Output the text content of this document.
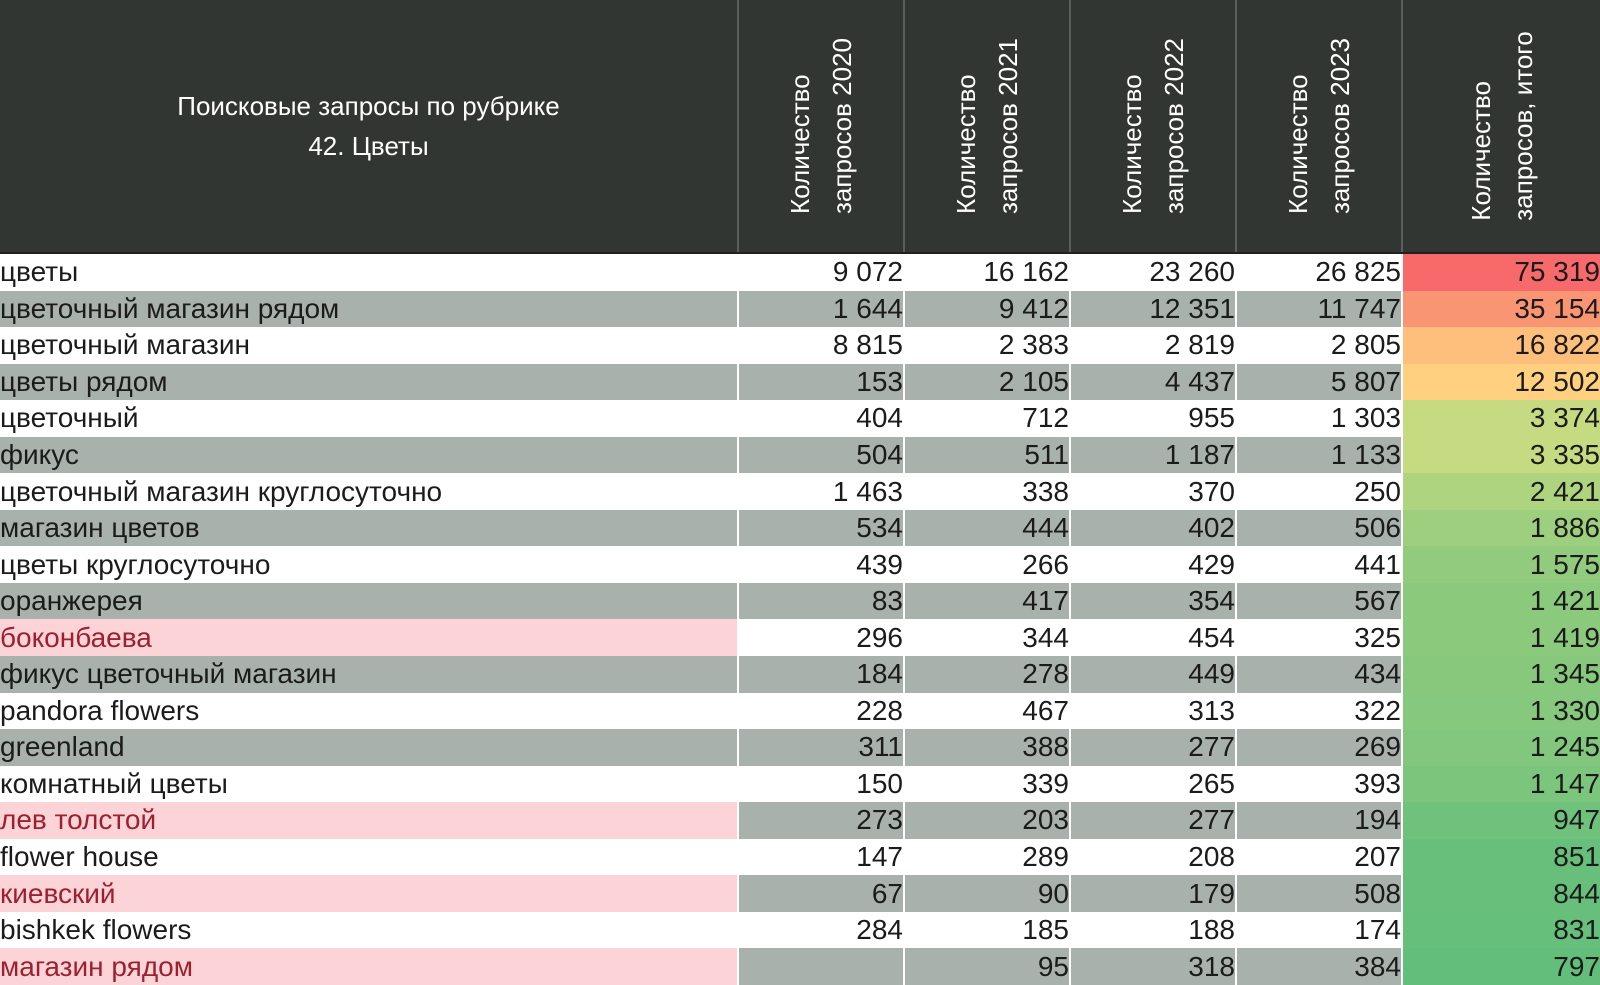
Поисковые запросы по рубрике
42. Цветы	Количество запросов 2020	Количество запросов 2021	Количество запросов 2022	Количество запросов 2023	Количество запросов, итого

цветы	9 072	16 162	23 260	26 825	75 319
цветочный магазин рядом	1 644	9 412	12 351	11 747	35 154
цветочный магазин	8 815	2 383	2 819	2 805	16 822
цветы рядом	153	2 105	4 437	5 807	12 502
цветочный	404	712	955	1 303	3 374
фикус	504	511	1 187	1 133	3 335
цветочный магазин круглосуточно	1 463	338	370	250	2 421
магазин цветов	534	444	402	506	1 886
цветы круглосуточно	439	266	429	441	1 575
оранжерея	83	417	354	567	1 421
боконбаева	296	344	454	325	1 419
фикус цветочный магазин	184	278	449	434	1 345
pandora flowers	228	467	313	322	1 330
greenland	311	388	277	269	1 245
комнатный цветы	150	339	265	393	1 147
лев толстой	273	203	277	194	947
flower house	147	289	208	207	851
киевский	67	90	179	508	844
bishkek flowers	284	185	188	174	831
магазин рядом		95	318	384	797
